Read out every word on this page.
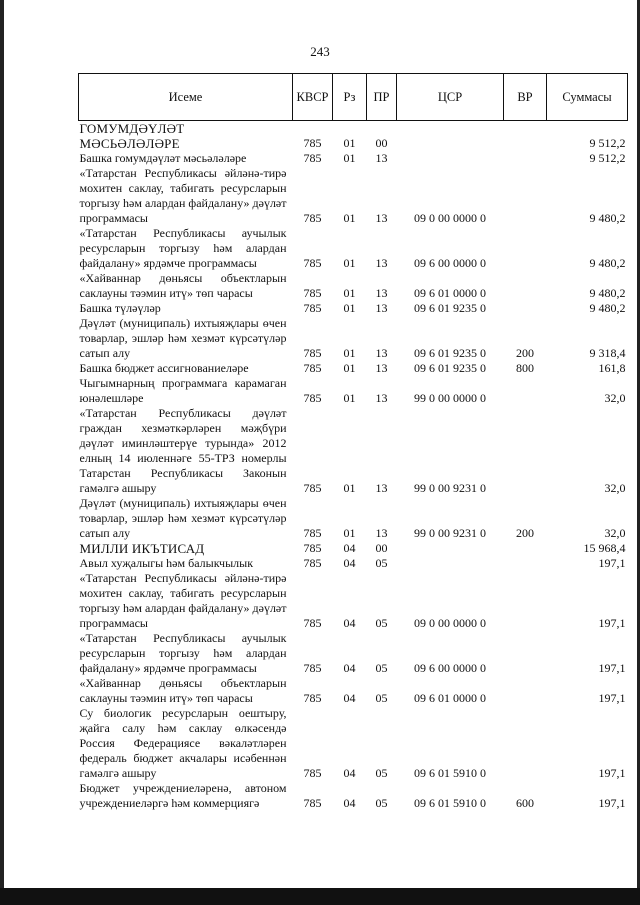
243
Исеме	КВСР	Рз	ПР	ЦСР	ВР	Суммасы
ГОМУМДӘҮЛӘТ МӘСЬӘЛӘЛӘРЕ	785	01	00			9 512,2
Башка гомумдәүләт мәсьәләләре	785	01	13			9 512,2
«Татарстан Республикасы әйләнә-тирә мохитен саклау, табигать ресурсларын торгызу һәм алардан файдалану» дәүләт программасы	785	01	13	09 0 00 0000 0		9 480,2
«Татарстан Республикасы аучылык ресурсларын торгызу һәм алардан файдалану» ярдәмче программасы	785	01	13	09 6 00 0000 0		9 480,2
«Хайваннар дөньясы объектларын саклауны тәэмин итү» төп чарасы	785	01	13	09 6 01 0000 0		9 480,2
Башка түләүләр	785	01	13	09 6 01 9235 0		9 480,2
Дәүләт (муниципаль) ихтыяҗлары өчен товарлар, эшләр һәм хезмәт күрсәтүләр сатып алу	785	01	13	09 6 01 9235 0	200	9 318,4
Башка бюджет ассигнованиеләре	785	01	13	09 6 01 9235 0	800	161,8
Чыгымнарның программага карамаган юнәлешләре	785	01	13	99 0 00 0000 0		32,0
«Татарстан Республикасы дәүләт граждан хезмәткәрләрен мәҗбүри дәүләт иминләштерүе турында» 2012 елның 14 июленнәге 55-ТРЗ номерлы Татарстан Республикасы Законын гамәлгә ашыру	785	01	13	99 0 00 9231 0		32,0
Дәүләт (муниципаль) ихтыяҗлары өчен товарлар, эшләр һәм хезмәт күрсәтүләр сатып алу	785	01	13	99 0 00 9231 0	200	32,0
МИЛЛИ ИКЪТИСАД	785	04	00			15 968,4
Авыл хуҗалыгы һәм балыкчылык	785	04	05			197,1
«Татарстан Республикасы әйләнә-тирә мохитен саклау, табигать ресурсларын торгызу һәм алардан файдалану» дәүләт программасы	785	04	05	09 0 00 0000 0		197,1
«Татарстан Республикасы аучылык ресурсларын торгызу һәм алардан файдалану» ярдәмче программасы	785	04	05	09 6 00 0000 0		197,1
«Хайваннар дөньясы объектларын саклауны тәэмин итү» төп чарасы	785	04	05	09 6 01 0000 0		197,1
Су биологик ресурсларын оештыру, җайга салу һәм саклау өлкәсендә Россия Федерациясе вәкаләтләрен федераль бюджет акчалары исәбеннән гамәлгә ашыру	785	04	05	09 6 01 5910 0		197,1
Бюджет учреждениеләренә, автоном учреждениеләргә һәм коммерциягә	785	04	05	09 6 01 5910 0	600	197,1
